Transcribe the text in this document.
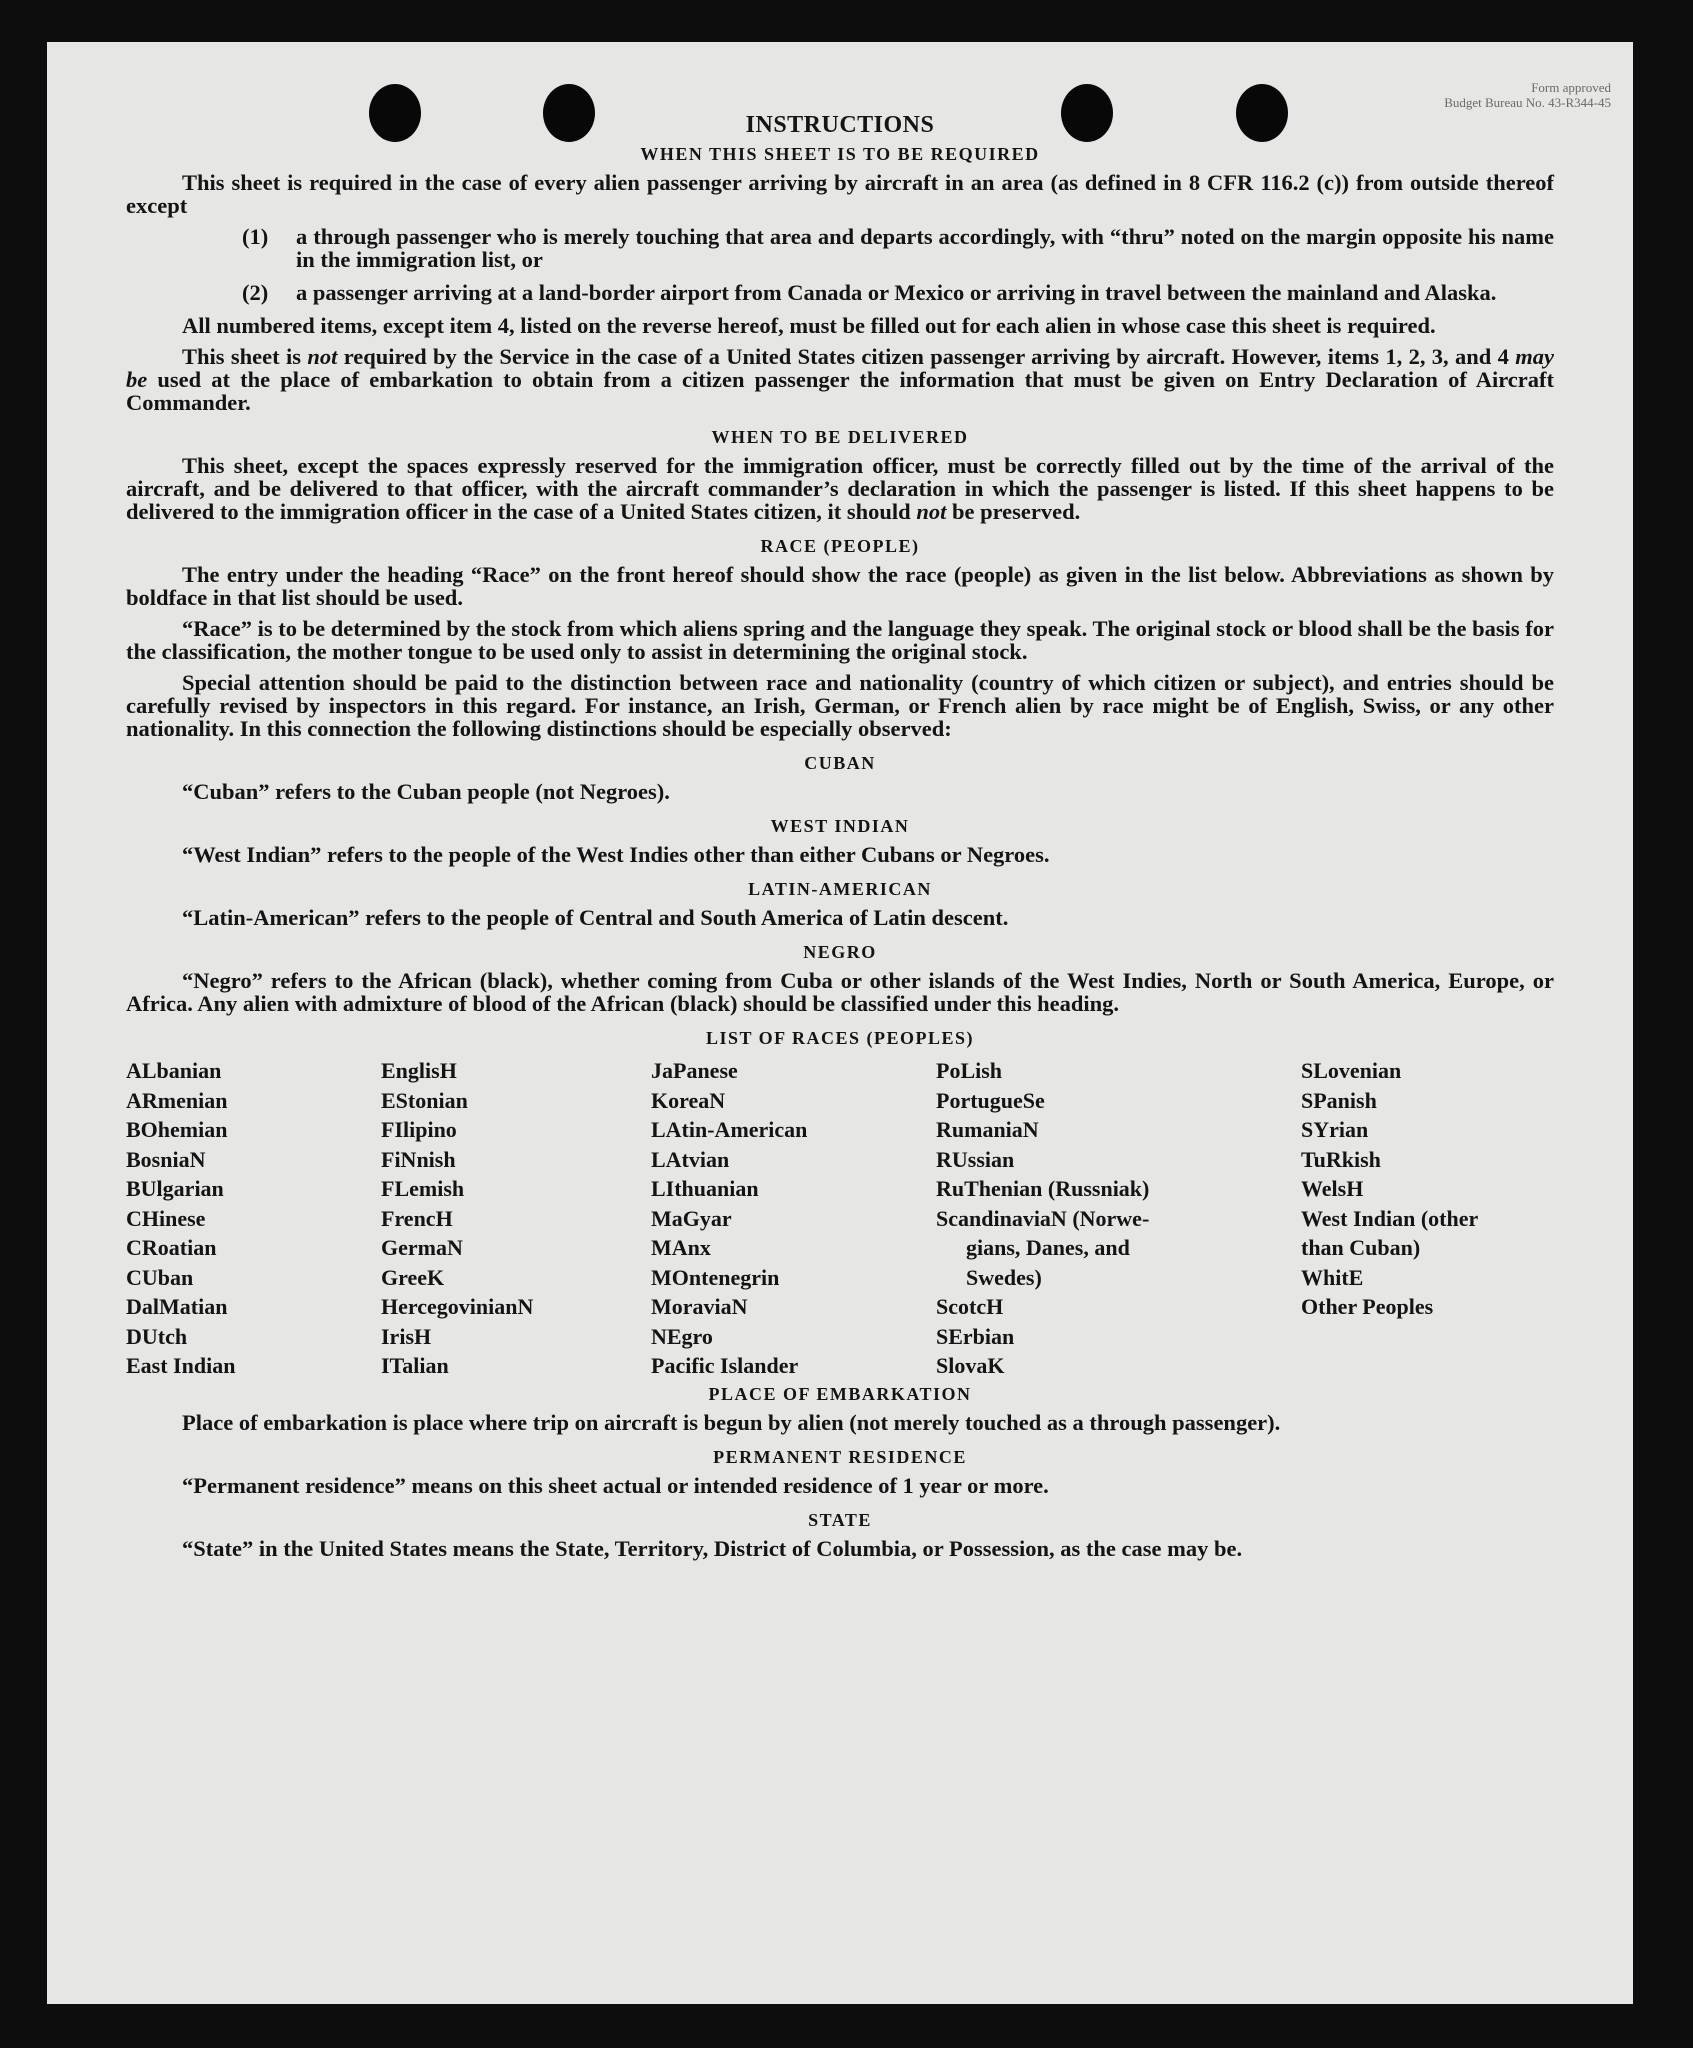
Form approved
Budget Bureau No. 43-R344-45
INSTRUCTIONS
WHEN THIS SHEET IS TO BE REQUIRED

This sheet is required in the case of every alien passenger arriving by aircraft in an area (as defined in 8 CFR 116.2 (c)) from outside thereof except

(1)	a through passenger who is merely touching that area and departs accordingly, with “thru” noted on the margin opposite his name in the immigration list, or
(2)	a passenger arriving at a land-border airport from Canada or Mexico or arriving in travel between the mainland and Alaska.

All numbered items, except item 4, listed on the reverse hereof, must be filled out for each alien in whose case this sheet is required.

This sheet is not required by the Service in the case of a United States citizen passenger arriving by aircraft. However, items 1, 2, 3, and 4 may be used at the place of embarkation to obtain from a citizen passenger the information that must be given on Entry Declaration of Aircraft Commander.

WHEN TO BE DELIVERED

This sheet, except the spaces expressly reserved for the immigration officer, must be correctly filled out by the time of the arrival of the aircraft, and be delivered to that officer, with the aircraft commander’s declaration in which the passenger is listed. If this sheet happens to be delivered to the immigration officer in the case of a United States citizen, it should not be preserved.

RACE (PEOPLE)

The entry under the heading “Race” on the front hereof should show the race (people) as given in the list below. Abbreviations as shown by boldface in that list should be used.

“Race” is to be determined by the stock from which aliens spring and the language they speak. The original stock or blood shall be the basis for the classification, the mother tongue to be used only to assist in determining the original stock.

Special attention should be paid to the distinction between race and nationality (country of which citizen or subject), and entries should be carefully revised by inspectors in this regard. For instance, an Irish, German, or French alien by race might be of English, Swiss, or any other nationality. In this connection the following distinctions should be especially observed:

CUBAN

“Cuban” refers to the Cuban people (not Negroes).

WEST INDIAN

“West Indian” refers to the people of the West Indies other than either Cubans or Negroes.

LATIN-AMERICAN

“Latin-American” refers to the people of Central and South America of Latin descent.

NEGRO

“Negro” refers to the African (black), whether coming from Cuba or other islands of the West Indies, North or South America, Europe, or Africa. Any alien with admixture of blood of the African (black) should be classified under this heading.

LIST OF RACES (PEOPLES)
ALbanian
ARmenian
BOhemian
BosniaN
BUlgarian
CHinese
CRoatian
CUban
DalMatian
DUtch
East Indian
EnglisH
EStonian
FIlipino
FiNnish
FLemish
FrencH
GermaN
GreeK
HercegovinianN
IrisH
ITalian
JaPanese
KoreaN
LAtin-American
LAtvian
LIthuanian
MaGyar
MAnx
MOntenegrin
MoraviaN
NEgro
Pacific Islander
PoLish
PortugueSe
RumaniaN
RUssian
RuThenian (Russniak)
ScandinaviaN (Norwe-
gians, Danes, and
Swedes)
ScotcH
SErbian
SlovaK
SLovenian
SPanish
SYrian
TuRkish
WelsH
West Indian (other
than Cuban)
WhitE
Other Peoples
PLACE OF EMBARKATION

Place of embarkation is place where trip on aircraft is begun by alien (not merely touched as a through passenger).

PERMANENT RESIDENCE

“Permanent residence” means on this sheet actual or intended residence of 1 year or more.

STATE

“State” in the United States means the State, Territory, District of Columbia, or Possession, as the case may be.
